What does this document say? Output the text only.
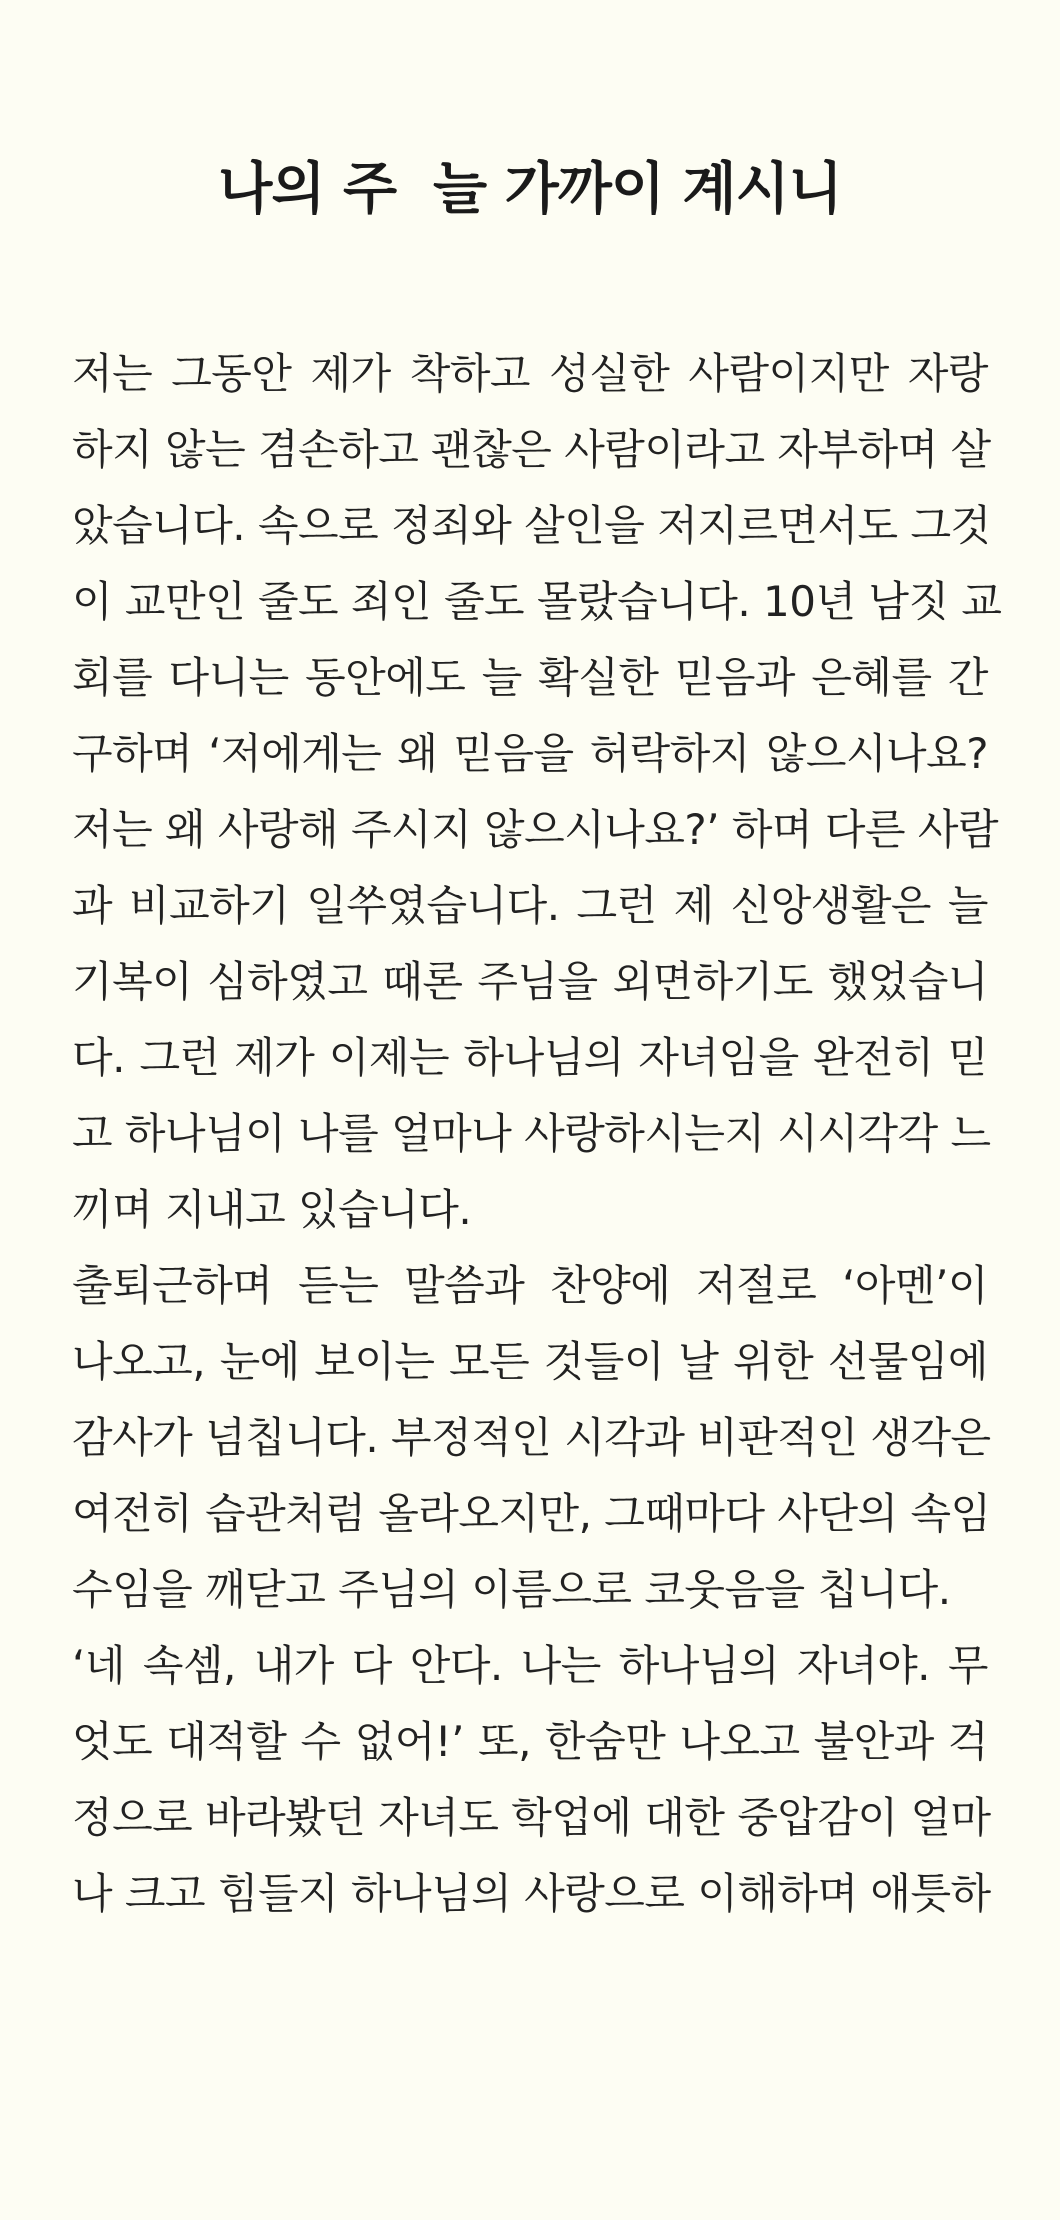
나의 주  늘 가까이 계시니
저는 그동안 제가 착하고 성실한 사람이지만 자랑
하지 않는 겸손하고 괜찮은 사람이라고 자부하며 살
았습니다. 속으로 정죄와 살인을 저지르면서도 그것
이 교만인 줄도 죄인 줄도 몰랐습니다. 10년 남짓 교
회를 다니는 동안에도 늘 확실한 믿음과 은혜를 간
구하며 ‘저에게는 왜 믿음을 허락하지 않으시나요?
저는 왜 사랑해 주시지 않으시나요?’ 하며 다른 사람
과 비교하기 일쑤였습니다. 그런 제 신앙생활은 늘
기복이 심하였고 때론 주님을 외면하기도 했었습니
다. 그런 제가 이제는 하나님의 자녀임을 완전히 믿
고 하나님이 나를 얼마나 사랑하시는지 시시각각 느
끼며 지내고 있습니다.
출퇴근하며 듣는 말씀과 찬양에 저절로 ‘아멘’이
나오고, 눈에 보이는 모든 것들이 날 위한 선물임에
감사가 넘칩니다. 부정적인 시각과 비판적인 생각은
여전히 습관처럼 올라오지만, 그때마다 사단의 속임
수임을 깨닫고 주님의 이름으로 코웃음을 칩니다.
‘네 속셈, 내가 다 안다. 나는 하나님의 자녀야. 무
엇도 대적할 수 없어!’ 또, 한숨만 나오고 불안과 걱
정으로 바라봤던 자녀도 학업에 대한 중압감이 얼마
나 크고 힘들지 하나님의 사랑으로 이해하며 애틋하
